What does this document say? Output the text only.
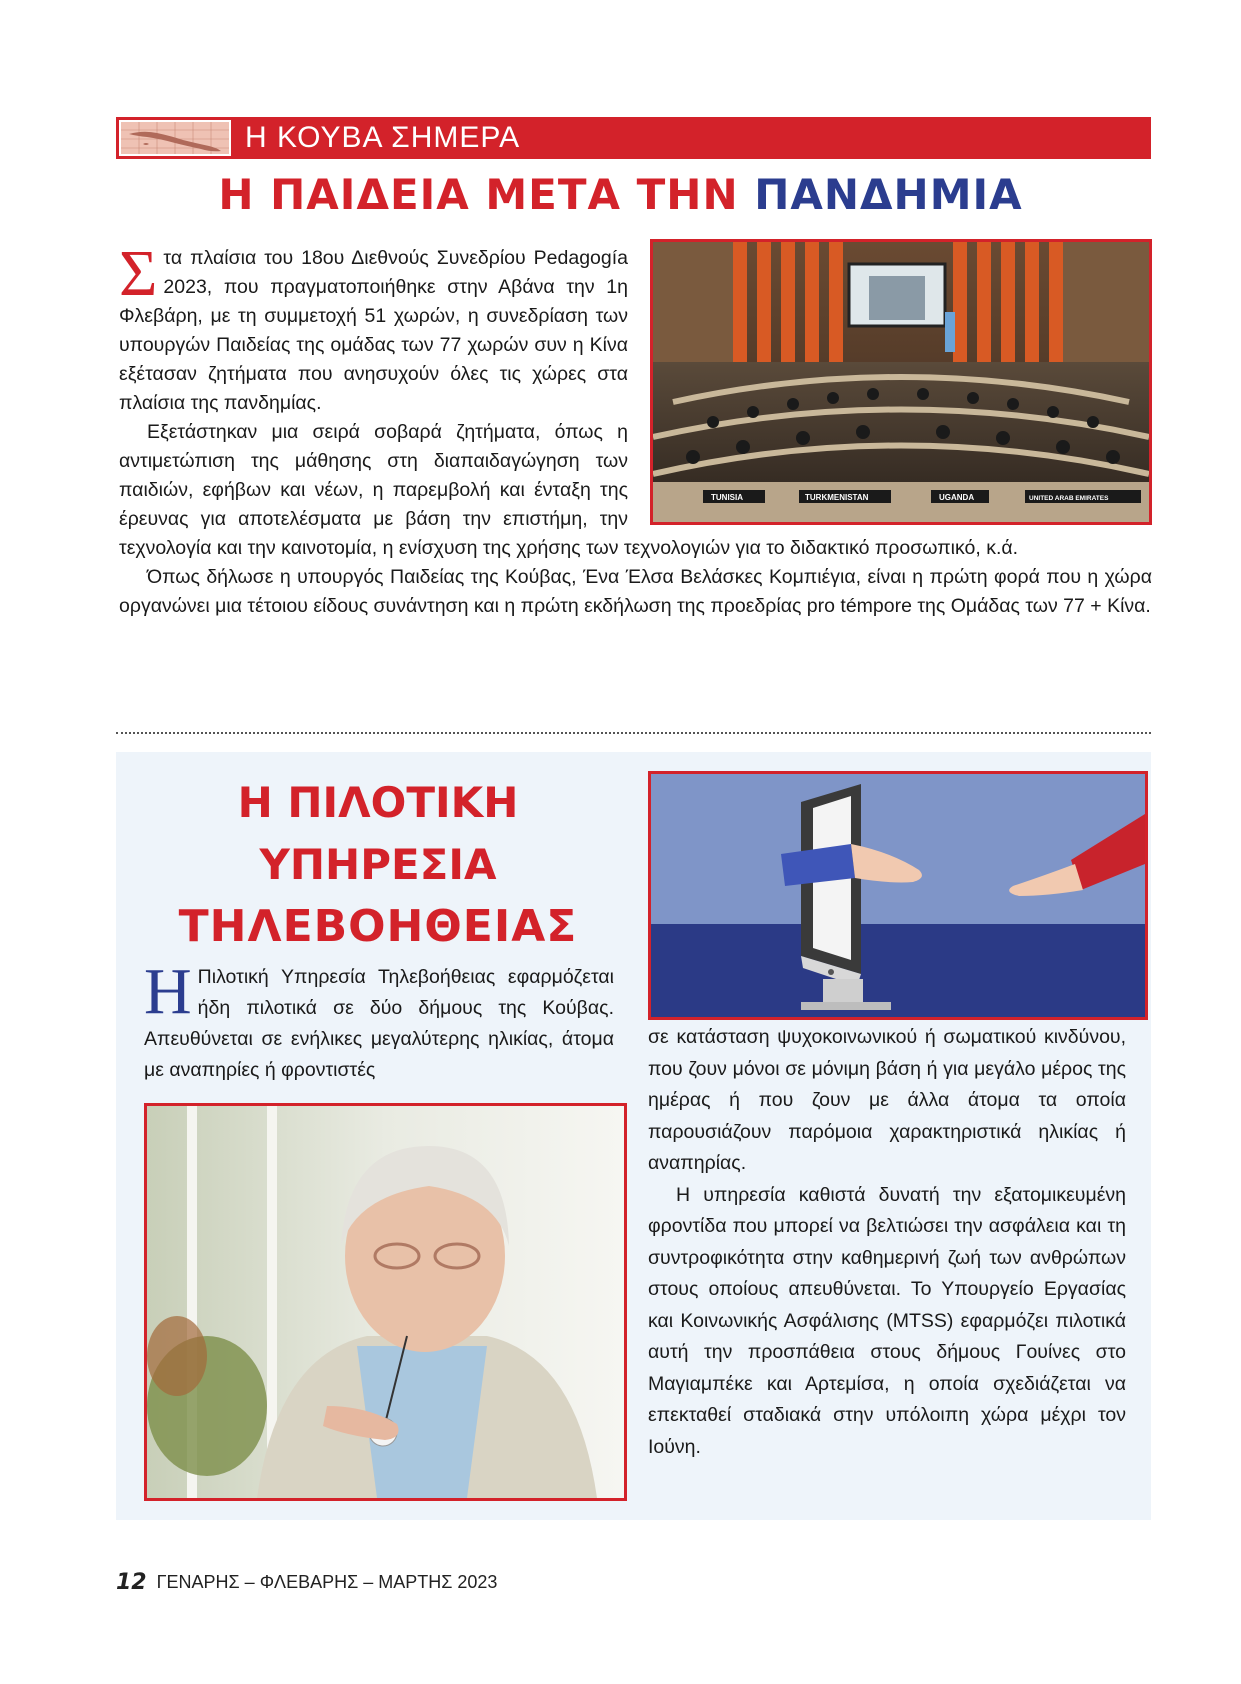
Η ΚΟΥΒΑ ΣΗΜΕΡΑ
Η ΠΑΙΔΕΙΑ ΜΕΤΑ ΤΗΝ ΠΑΝΔΗΜΙΑ
TUNISIA	TURKMENISTAN	UGANDA	UNITED ARAB EMIRATES

Στα πλαίσια του 18ου Διεθνούς Συνεδρίου Pedagogía 2023, που πραγματοποιήθηκε στην Αβάνα την 1η Φλεβάρη, με τη συμμετοχή 51 χωρών, η συνεδρίαση των υπουργών Παιδείας της ομάδας των 77 χωρών συν η Κίνα εξέτασαν ζητήματα που ανησυχούν όλες τις χώρες στα πλαίσια της πανδημίας.

Εξετάστηκαν μια σειρά σοβαρά ζητήματα, όπως η αντιμετώπιση της μάθησης στη διαπαιδαγώγηση των παιδιών, εφήβων και νέων, η παρεμβολή και ένταξη της έρευνας για αποτελέσματα με βάση την επιστήμη, την τεχνολογία και την καινοτομία, η ενίσχυση της χρήσης των τεχνολογιών για το διδακτικό προσωπικό, κ.ά.

Όπως δήλωσε η υπουργός Παιδείας της Κούβας, Ένα Έλσα Βελάσκες Κομπιέγια, είναι η πρώτη φορά που η χώρα οργανώνει μια τέτοιου είδους συνάντηση και η πρώτη εκδήλωση της προεδρίας pro témpore της Ομάδας των 77 + Κίνα.

Η ΠΙΛΟΤΙΚΗ
ΥΠΗΡΕΣΙΑ
ΤΗΛΕΒΟΗΘΕΙΑΣ
Η Πιλοτική Υπηρεσία Τηλεβοήθειας εφαρμόζεται ήδη πιλοτικά σε δύο δήμους της Κούβας. Απευθύνεται σε ενήλικες μεγαλύτερης ηλικίας, άτομα με αναπηρίες ή φροντιστές

σε κατάσταση ψυχοκοινωνικού ή σωματικού κινδύνου, που ζουν μόνοι σε μόνιμη βάση ή για μεγάλο μέρος της ημέρας ή που ζουν με άλλα άτομα τα οποία παρουσιάζουν παρόμοια χαρακτηριστικά ηλικίας ή αναπηρίας.

Η υπηρεσία καθιστά δυνατή την εξατομικευμένη φροντίδα που μπορεί να βελτιώσει την ασφάλεια και τη συντροφικότητα στην καθημερινή ζωή των ανθρώπων στους οποίους απευθύνεται. Το Υπουργείο Εργασίας και Κοινωνικής Ασφάλισης (MTSS) εφαρμόζει πιλοτικά αυτή την προσπάθεια στους δήμους Γουίνες στο Μαγιαμπέκε και Αρτεμίσα, η οποία σχεδιάζεται να επεκταθεί σταδιακά στην υπόλοιπη χώρα μέχρι τον Ιούνη.

12 ΓΕΝΑΡΗΣ – ΦΛΕΒΑΡΗΣ – ΜΑΡΤΗΣ 2023
